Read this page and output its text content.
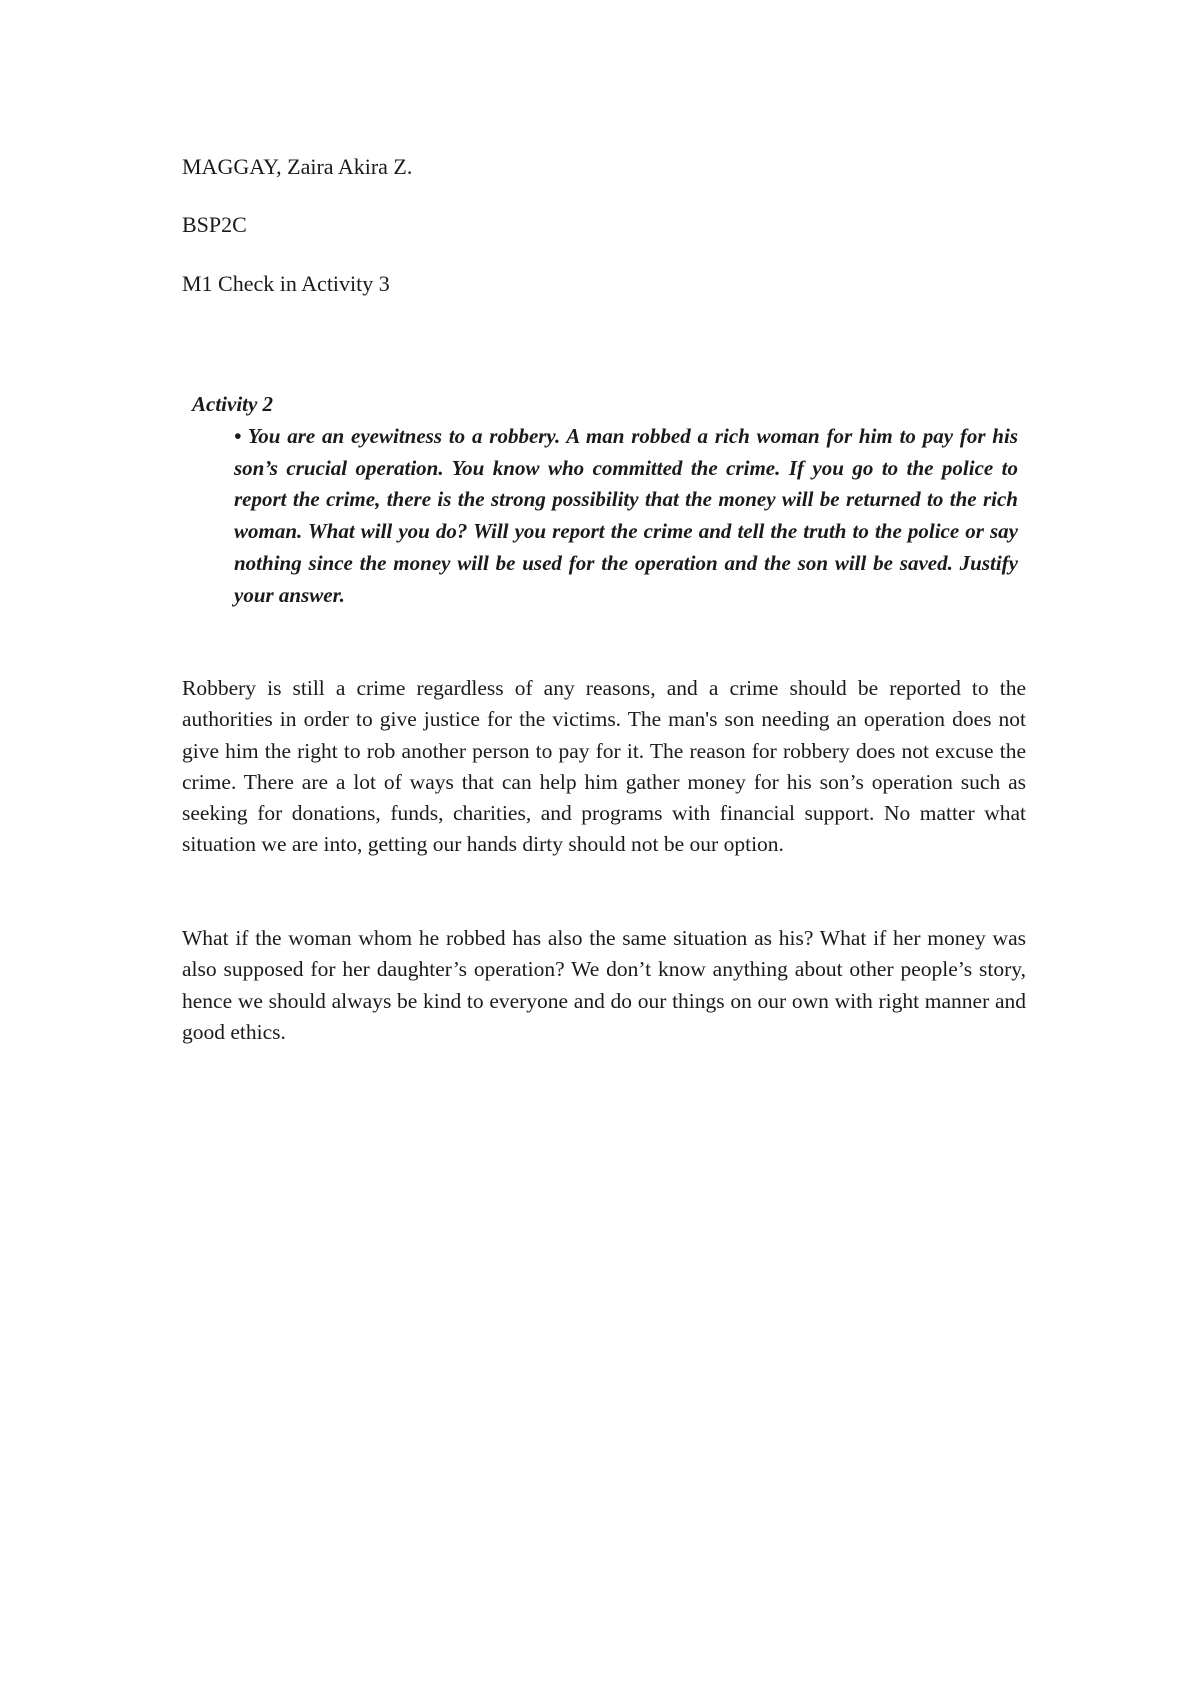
MAGGAY, Zaira Akira Z.
BSP2C
M1 Check in Activity 3
Activity 2
• You are an eyewitness to a robbery. A man robbed a rich woman for him to pay for his son’s crucial operation. You know who committed the crime. If you go to the police to report the crime, there is the strong possibility that the money will be returned to the rich woman. What will you do? Will you report the crime and tell the truth to the police or say nothing since the money will be used for the operation and the son will be saved. Justify your answer.

Robbery is still a crime regardless of any reasons, and a crime should be reported to the authorities in order to give justice for the victims. The man's son needing an operation does not give him the right to rob another person to pay for it. The reason for robbery does not excuse the crime. There are a lot of ways that can help him gather money for his son’s operation such as seeking for donations, funds, charities, and programs with financial support. No matter what situation we are into, getting our hands dirty should not be our option.

What if the woman whom he robbed has also the same situation as his? What if her money was also supposed for her daughter’s operation? We don’t know anything about other people’s story, hence we should always be kind to everyone and do our things on our own with right manner and good ethics.
